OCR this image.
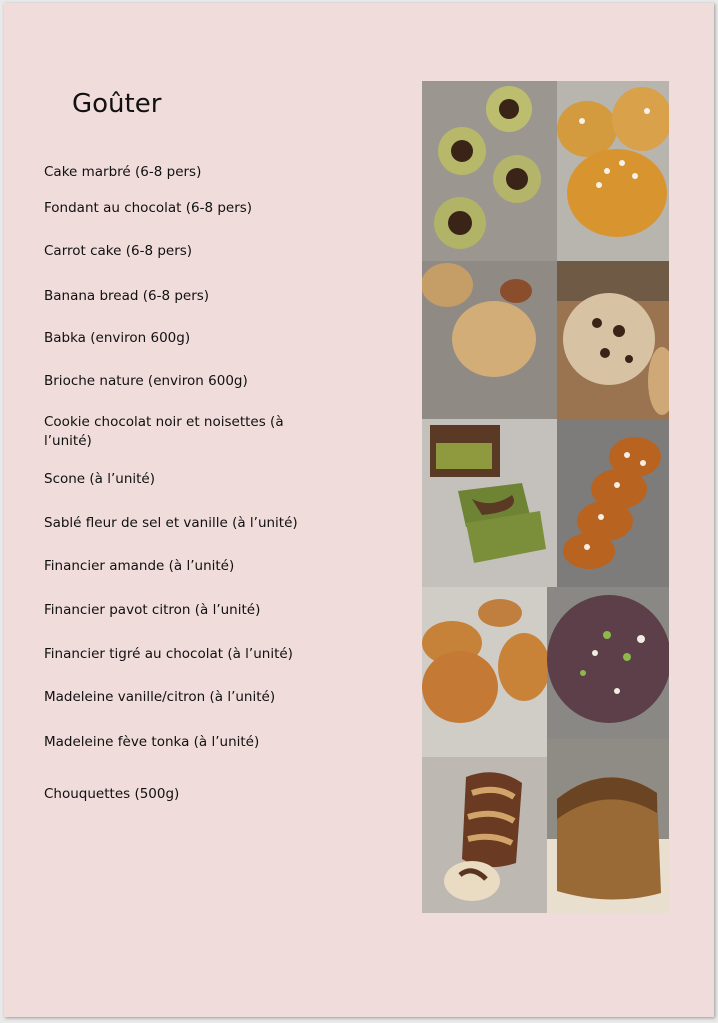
Goûter
Cake marbré (6-8 pers)
Fondant au chocolat (6-8 pers)
Carrot cake (6-8 pers)
Banana bread (6-8 pers)
Babka (environ 600g)
Brioche nature (environ 600g)
Cookie chocolat noir et noisettes (à l’unité)
Scone (à l’unité)
Sablé fleur de sel et vanille (à l’unité)
Financier amande (à l’unité)
Financier pavot citron (à l’unité)
Financier tigré au chocolat (à l’unité)
Madeleine vanille/citron (à l’unité)
Madeleine fève tonka (à l’unité)
Chouquettes (500g)
